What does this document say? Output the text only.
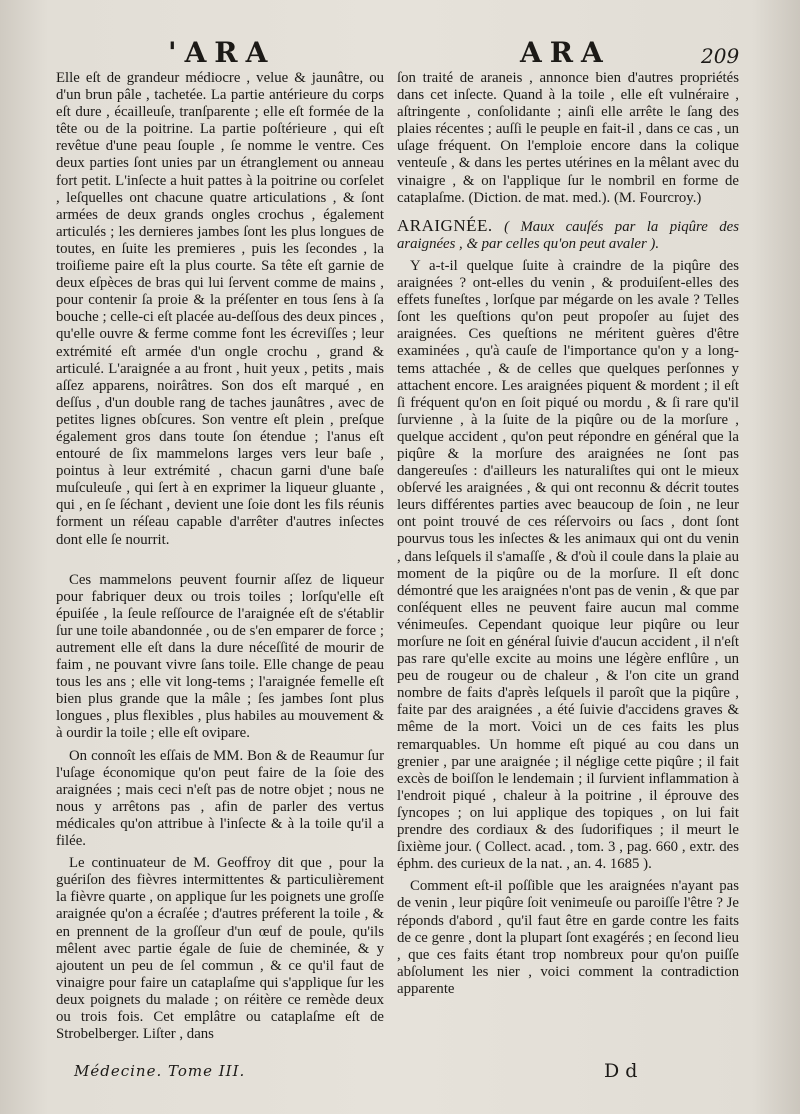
'ARA	ARA	209

Elle eſt de grandeur médiocre , velue & jaunâtre, ou d'un brun pâle , tachetée. La partie antérieure du corps eſt dure , écailleuſe, tranſparente ; elle eſt formée de la tête ou de la poitrine. La partie poſtérieure , qui eſt revêtue d'une peau ſouple , ſe nomme le ventre. Ces deux parties ſont unies par un étranglement ou anneau fort petit. L'inſecte a huit pattes à la poitrine ou corſelet , leſquelles ont chacune quatre articulations , & ſont armées de deux grands ongles crochus , également articulés ; les dernieres jambes ſont les plus longues de toutes, en ſuite les premieres , puis les ſecondes , la troiſieme paire eſt la plus courte. Sa tête eſt garnie de deux eſpèces de bras qui lui ſervent comme de mains , pour contenir ſa proie & la préſenter en tous ſens à ſa bouche ; celle-ci eſt placée au-deſſous des deux pinces , qu'elle ouvre & ferme comme font les écreviſſes ; leur extrémité eſt armée d'un ongle crochu , grand & articulé. L'araignée a au front , huit yeux , petits , mais aſſez apparens, noirâtres. Son dos eſt marqué , en deſſus , d'un double rang de taches jaunâtres , avec de petites lignes obſcures. Son ventre eſt plein , preſque également gros dans toute ſon étendue ; l'anus eſt entouré de ſix mammelons larges vers leur baſe , pointus à leur extrémité , chacun garni d'une baſe muſculeuſe , qui ſert à en exprimer la liqueur gluante , qui , en ſe ſéchant , devient une ſoie dont les fils réunis forment un réſeau capable d'arrêter d'autres inſectes dont elle ſe nourrit.

Ces mammelons peuvent fournir aſſez de liqueur pour fabriquer deux ou trois toiles ; lorſqu'elle eſt épuiſée , la ſeule reſſource de l'araignée eſt de s'établir ſur une toile abandonnée , ou de s'en emparer de force ; autrement elle eſt dans la dure néceſſité de mourir de faim , ne pouvant vivre ſans toile. Elle change de peau tous les ans ; elle vit long-tems ; l'araignée femelle eſt bien plus grande que la mâle ; ſes jambes ſont plus longues , plus flexibles , plus habiles au mouvement & à ourdir la toile ; elle eſt ovipare.

On connoît les eſſais de MM. Bon & de Reaumur ſur l'uſage économique qu'on peut faire de la ſoie des araignées ; mais ceci n'eſt pas de notre objet ; nous ne nous y arrêtons pas , afin de parler des vertus médicales qu'on attribue à l'inſecte & à la toile qu'il a filée.

Le continuateur de M. Geoffroy dit que , pour la guériſon des fièvres intermittentes & particulièrement la fièvre quarte , on applique ſur les poignets une groſſe araignée qu'on a écraſée ; d'autres préferent la toile , & en prennent de la groſſeur d'un œuf de poule, qu'ils mêlent avec partie égale de ſuie de cheminée, & y ajoutent un peu de ſel commun , & ce qu'il faut de vinaigre pour faire un cataplaſme qui s'applique ſur les deux poignets du malade ; on réitère ce remède deux ou trois fois. Cet emplâtre ou cataplaſme eſt de Strobelberger. Liſter , dans

ſon traité de araneis , annonce bien d'autres propriétés dans cet inſecte. Quand à la toile , elle eſt vulnéraire , aſtringente , conſolidante ; ainſi elle arrête le ſang des plaies récentes ; auſſi le peuple en fait-il , dans ce cas , un uſage fréquent. On l'emploie encore dans la colique venteuſe , & dans les pertes utérines en la mêlant avec du vinaigre , & on l'applique ſur le nombril en forme de cataplaſme. (Diction. de mat. med.). (M. Fourcroy.)

ARAIGNÉE. ( Maux cauſés par la piqûre des araignées , & par celles qu'on peut avaler ).

Y a-t-il quelque ſuite à craindre de la piqûre des araignées ? ont-elles du venin , & produiſent-elles des effets funeſtes , lorſque par mégarde on les avale ? Telles ſont les queſtions qu'on peut propoſer au ſujet des araignées. Ces queſtions ne méritent guères d'être examinées , qu'à cauſe de l'importance qu'on y a long-tems attachée , & de celles que quelques perſonnes y attachent encore. Les araignées piquent & mordent ; il eſt ſi fréquent qu'on en ſoit piqué ou mordu , & ſi rare qu'il ſurvienne , à la ſuite de la piqûre ou de la morſure , quelque accident , qu'on peut répondre en général que la piqûre & la morſure des araignées ne ſont pas dangereuſes : d'ailleurs les naturaliſtes qui ont le mieux obſervé les araignées , & qui ont reconnu & décrit toutes leurs différentes parties avec beaucoup de ſoin , ne leur ont point trouvé de ces réſervoirs ou ſacs , dont ſont pourvus tous les inſectes & les animaux qui ont du venin , dans leſquels il s'amaſſe , & d'où il coule dans la plaie au moment de la piqûre ou de la morſure. Il eſt donc démontré que les araignées n'ont pas de venin , & que par conſéquent elles ne peuvent faire aucun mal comme vénimeuſes. Cependant quoique leur piqûre ou leur morſure ne ſoit en général ſuivie d'aucun accident , il n'eſt pas rare qu'elle excite au moins une légère enflûre , un peu de rougeur ou de chaleur , & l'on cite un grand nombre de faits d'après leſquels il paroît que la piqûre , faite par des araignées , a été ſuivie d'accidens graves & même de la mort. Voici un de ces faits les plus remarquables. Un homme eſt piqué au cou dans un grenier , par une araignée ; il néglige cette piqûre ; il fait excès de boiſſon le lendemain ; il ſurvient inflammation à l'endroit piqué , chaleur à la poitrine , il éprouve des ſyncopes ; on lui applique des topiques , on lui fait prendre des cordiaux & des ſudorifiques ; il meurt le ſixième jour. ( Collect. acad. , tom. 3 , pag. 660 , extr. des éphm. des curieux de la nat. , an. 4. 1685 ).

Comment eſt-il poſſible que les araignées n'ayant pas de venin , leur piqûre ſoit venimeuſe ou paroiſſe l'être ? Je réponds d'abord , qu'il faut être en garde contre les faits de ce genre , dont la plupart ſont exagérés ; en ſecond lieu , que ces faits étant trop nombreux pour qu'on puiſſe abſolument les nier , voici comment la contradiction apparente

Médecine. Tome III.	D d
